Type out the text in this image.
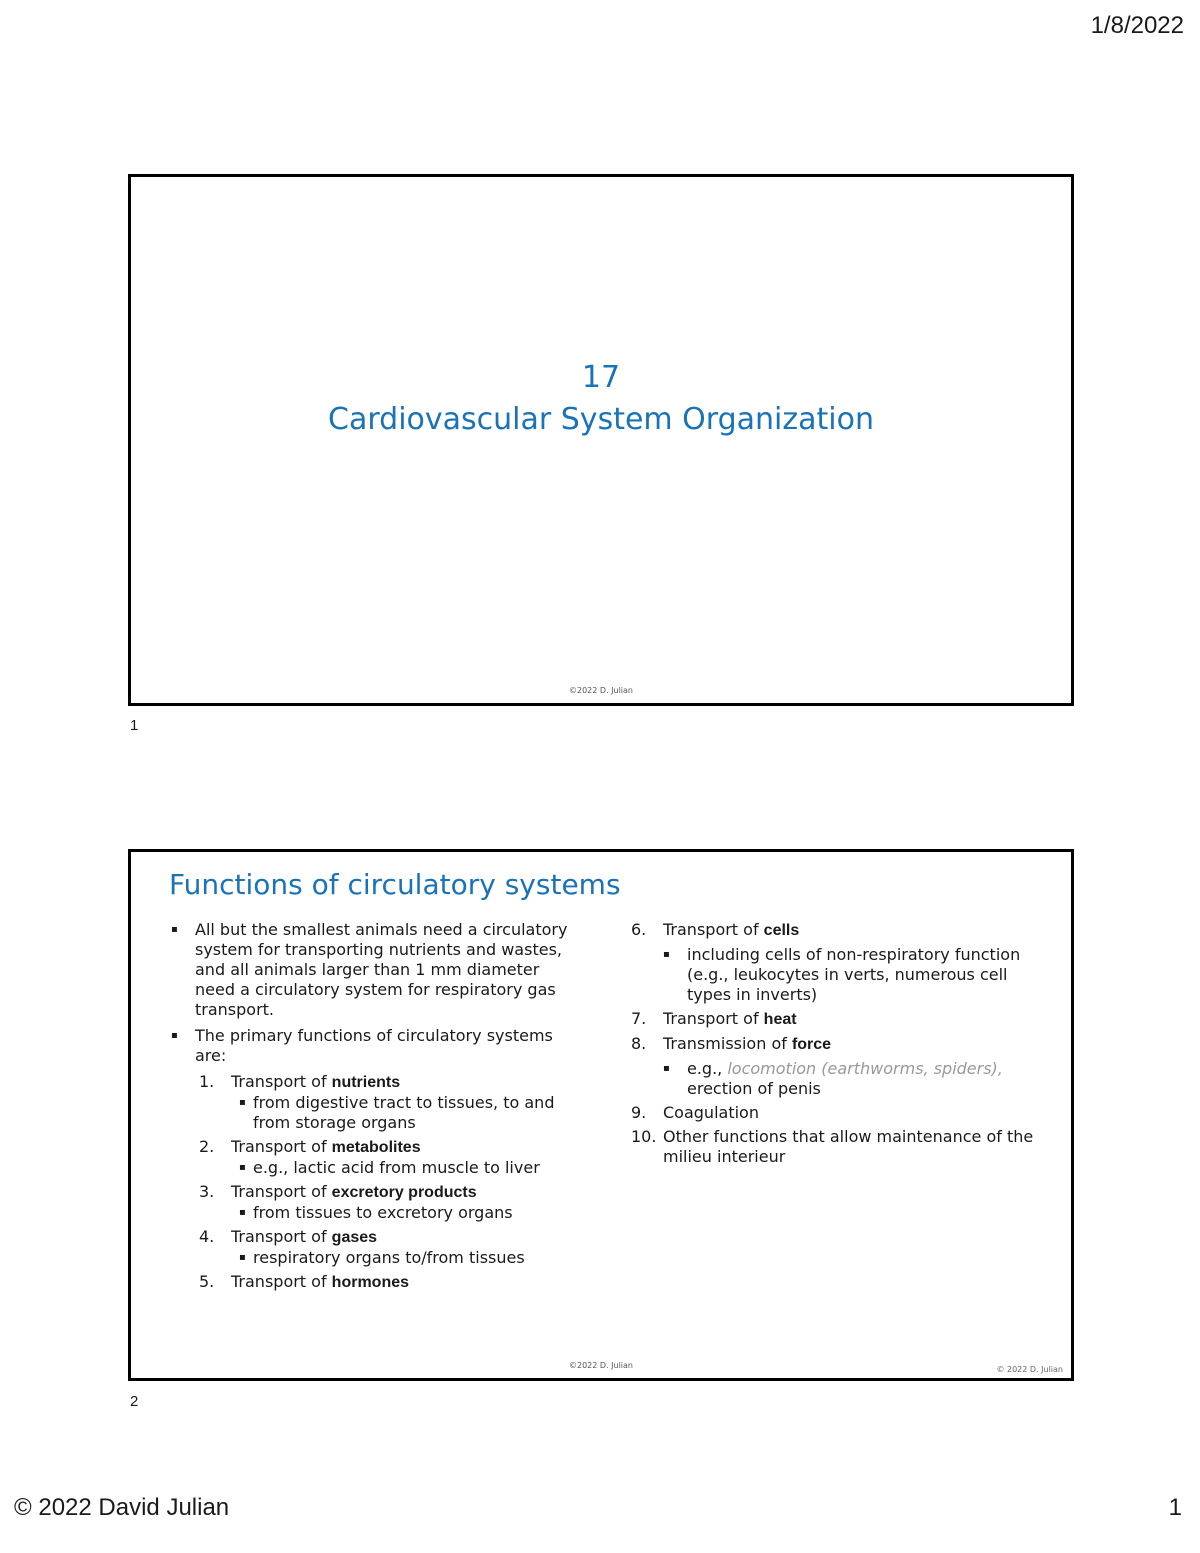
1/8/2022
17
Cardiovascular System Organization
©2022 D. Julian
1
Functions of circulatory systems
▪ All but the smallest animals need a circulatory system for transporting nutrients and wastes, and all animals larger than 1 mm diameter need a circulatory system for respiratory gas transport.
▪ The primary functions of circulatory systems are:
1. Transport of nutrients
▪ from digestive tract to tissues, to and from storage organs
2. Transport of metabolites
▪ e.g., lactic acid from muscle to liver
3. Transport of excretory products
▪ from tissues to excretory organs
4. Transport of gases
▪ respiratory organs to/from tissues
5. Transport of hormones
6. Transport of cells
▪ including cells of non-respiratory function (e.g., leukocytes in verts, numerous cell types in inverts)
7. Transport of heat
8. Transmission of force
▪ e.g., locomotion (earthworms, spiders), erection of penis
9. Coagulation
10. Other functions that allow maintenance of the milieu interieur
©2022 D. Julian	© 2022 D. Julian
2
© 2022 David Julian	1
